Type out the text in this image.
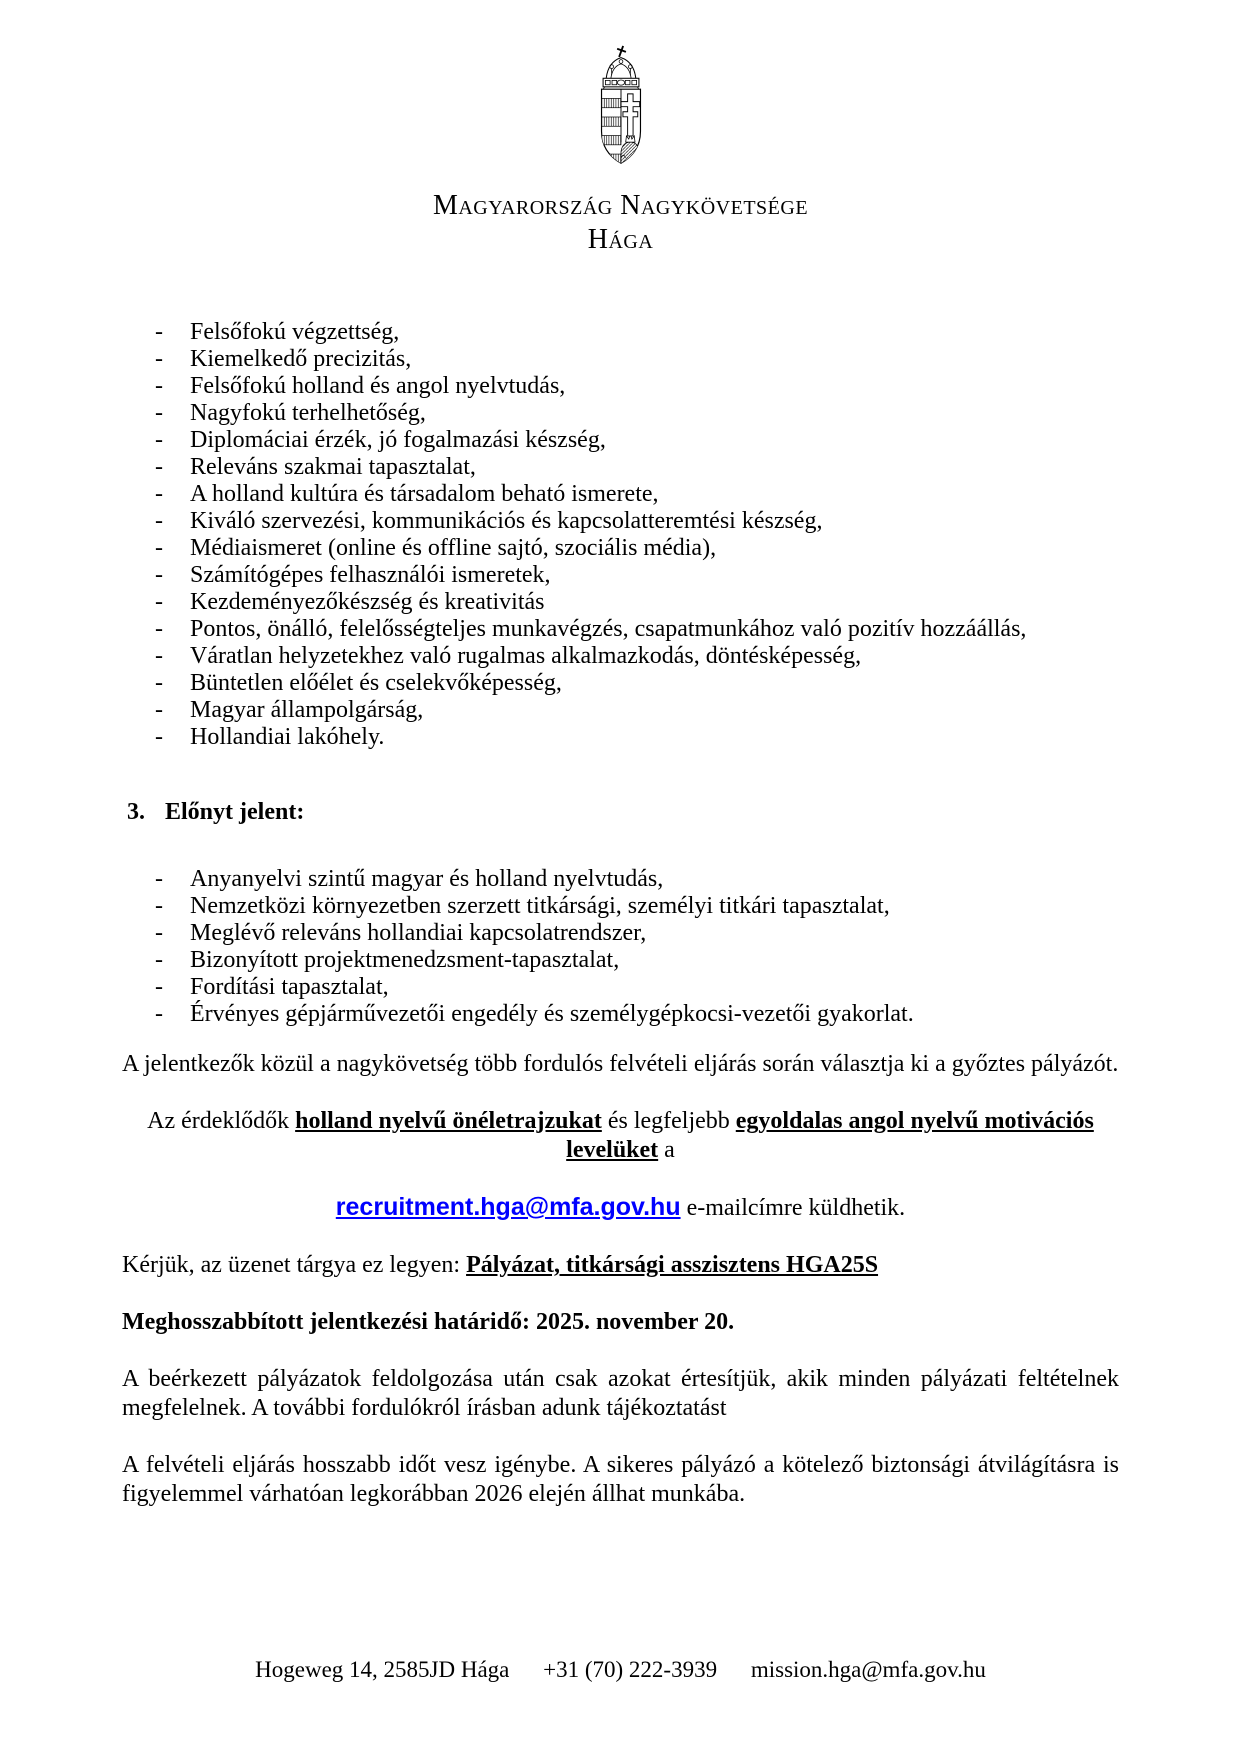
Magyarország Nagykövetsége
Hága
-	Felsőfokú végzettség,
-	Kiemelkedő precizitás,
-	Felsőfokú holland és angol nyelvtudás,
-	Nagyfokú terhelhetőség,
-	Diplomáciai érzék, jó fogalmazási készség,
-	Releváns szakmai tapasztalat,
-	A holland kultúra és társadalom beható ismerete,
-	Kiváló szervezési, kommunikációs és kapcsolatteremtési készség,
-	Médiaismeret (online és offline sajtó, szociális média),
-	Számítógépes felhasználói ismeretek,
-	Kezdeményezőkészség és kreativitás
-	Pontos, önálló, felelősségteljes munkavégzés, csapatmunkához való pozitív hozzáállás,
-	Váratlan helyzetekhez való rugalmas alkalmazkodás, döntésképesség,
-	Büntetlen előélet és cselekvőképesség,
-	Magyar állampolgárság,
-	Hollandiai lakóhely.
3. Előnyt jelent:
-	Anyanyelvi szintű magyar és holland nyelvtudás,
-	Nemzetközi környezetben szerzett titkársági, személyi titkári tapasztalat,
-	Meglévő releváns hollandiai kapcsolatrendszer,
-	Bizonyított projektmenedzsment-tapasztalat,
-	Fordítási tapasztalat,
-	Érvényes gépjárművezetői engedély és személygépkocsi-vezetői gyakorlat.

A jelentkezők közül a nagykövetség több fordulós felvételi eljárás során választja ki a győztes pályázót.

Az érdeklődők holland nyelvű önéletrajzukat és legfeljebb egyoldalas angol nyelvű motivációs levelüket a

recruitment.hga@mfa.gov.hu e-mailcímre küldhetik.

Kérjük, az üzenet tárgya ez legyen: Pályázat, titkársági asszisztens HGA25S

Meghosszabbított jelentkezési határidő: 2025. november 20.

A beérkezett pályázatok feldolgozása után csak azokat értesítjük, akik minden pályázati feltételnek megfelelnek. A további fordulókról írásban adunk tájékoztatást

A felvételi eljárás hosszabb időt vesz igénybe. A sikeres pályázó a kötelező biztonsági átvilágításra is figyelemmel várhatóan legkorábban 2026 elején állhat munkába.

Hogeweg 14, 2585JD Hága +31 (70) 222-3939 mission.hga@mfa.gov.hu
